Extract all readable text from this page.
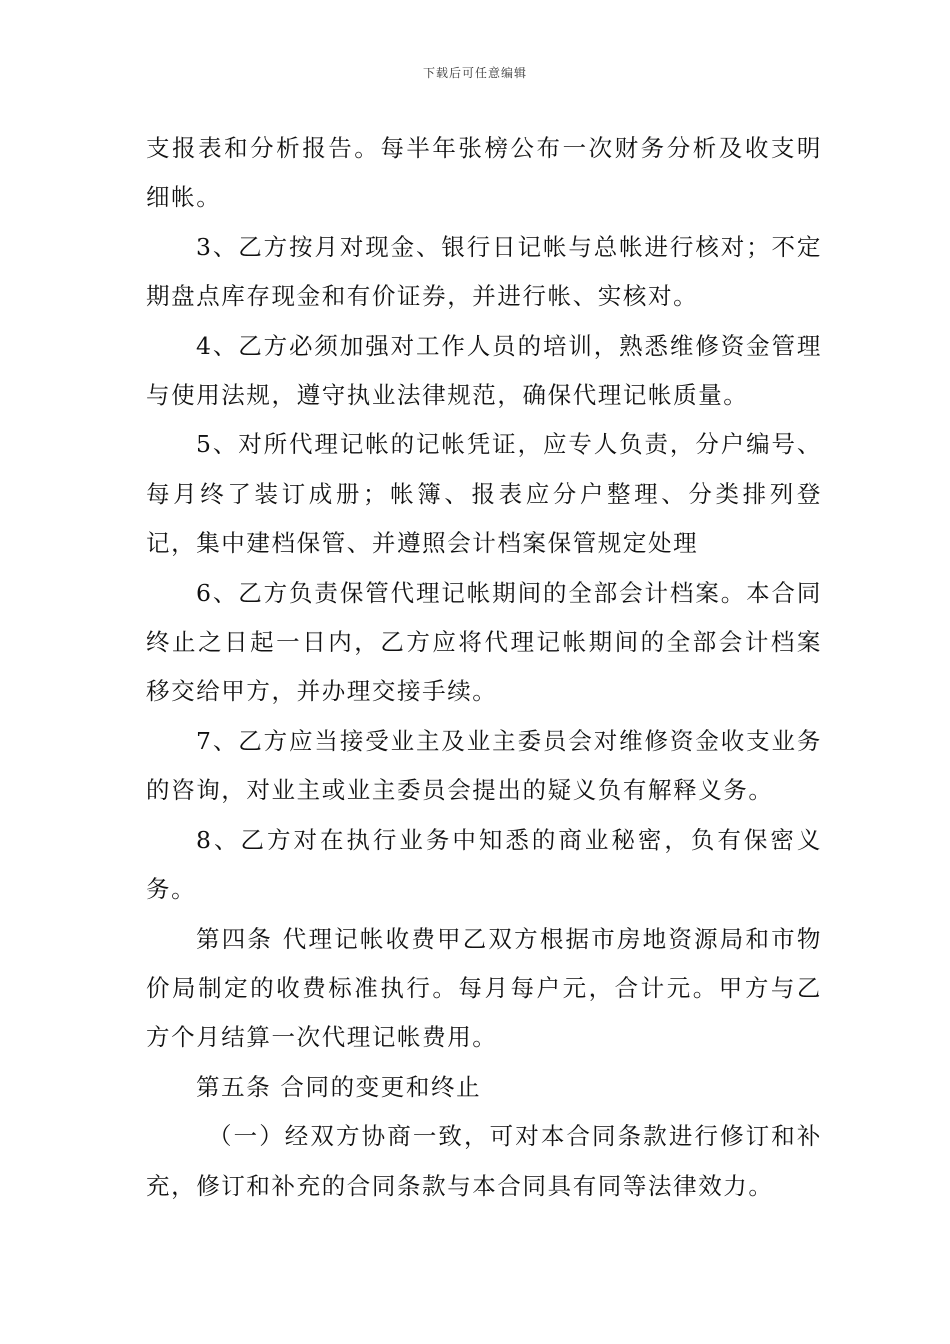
下载后可任意编辑

支报表和分析报告。每半年张榜公布一次财务分析及收支明细帐。

3、乙方按月对现金、银行日记帐与总帐进行核对；不定期盘点库存现金和有价证券，并进行帐、实核对。

4、乙方必须加强对工作人员的培训，熟悉维修资金管理与使用法规，遵守执业法律规范，确保代理记帐质量。

5、对所代理记帐的记帐凭证，应专人负责，分户编号、每月终了装订成册；帐簿、报表应分户整理、分类排列登记，集中建档保管、并遵照会计档案保管规定处理

6、乙方负责保管代理记帐期间的全部会计档案。本合同终止之日起一日内，乙方应将代理记帐期间的全部会计档案移交给甲方，并办理交接手续。

7、乙方应当接受业主及业主委员会对维修资金收支业务的咨询，对业主或业主委员会提出的疑义负有解释义务。

8、乙方对在执行业务中知悉的商业秘密，负有保密义务。

第四条 代理记帐收费甲乙双方根据市房地资源局和市物价局制定的收费标准执行。每月每户元，合计元。甲方与乙方个月结算一次代理记帐费用。

第五条 合同的变更和终止

（一）经双方协商一致，可对本合同条款进行修订和补充，修订和补充的合同条款与本合同具有同等法律效力。
